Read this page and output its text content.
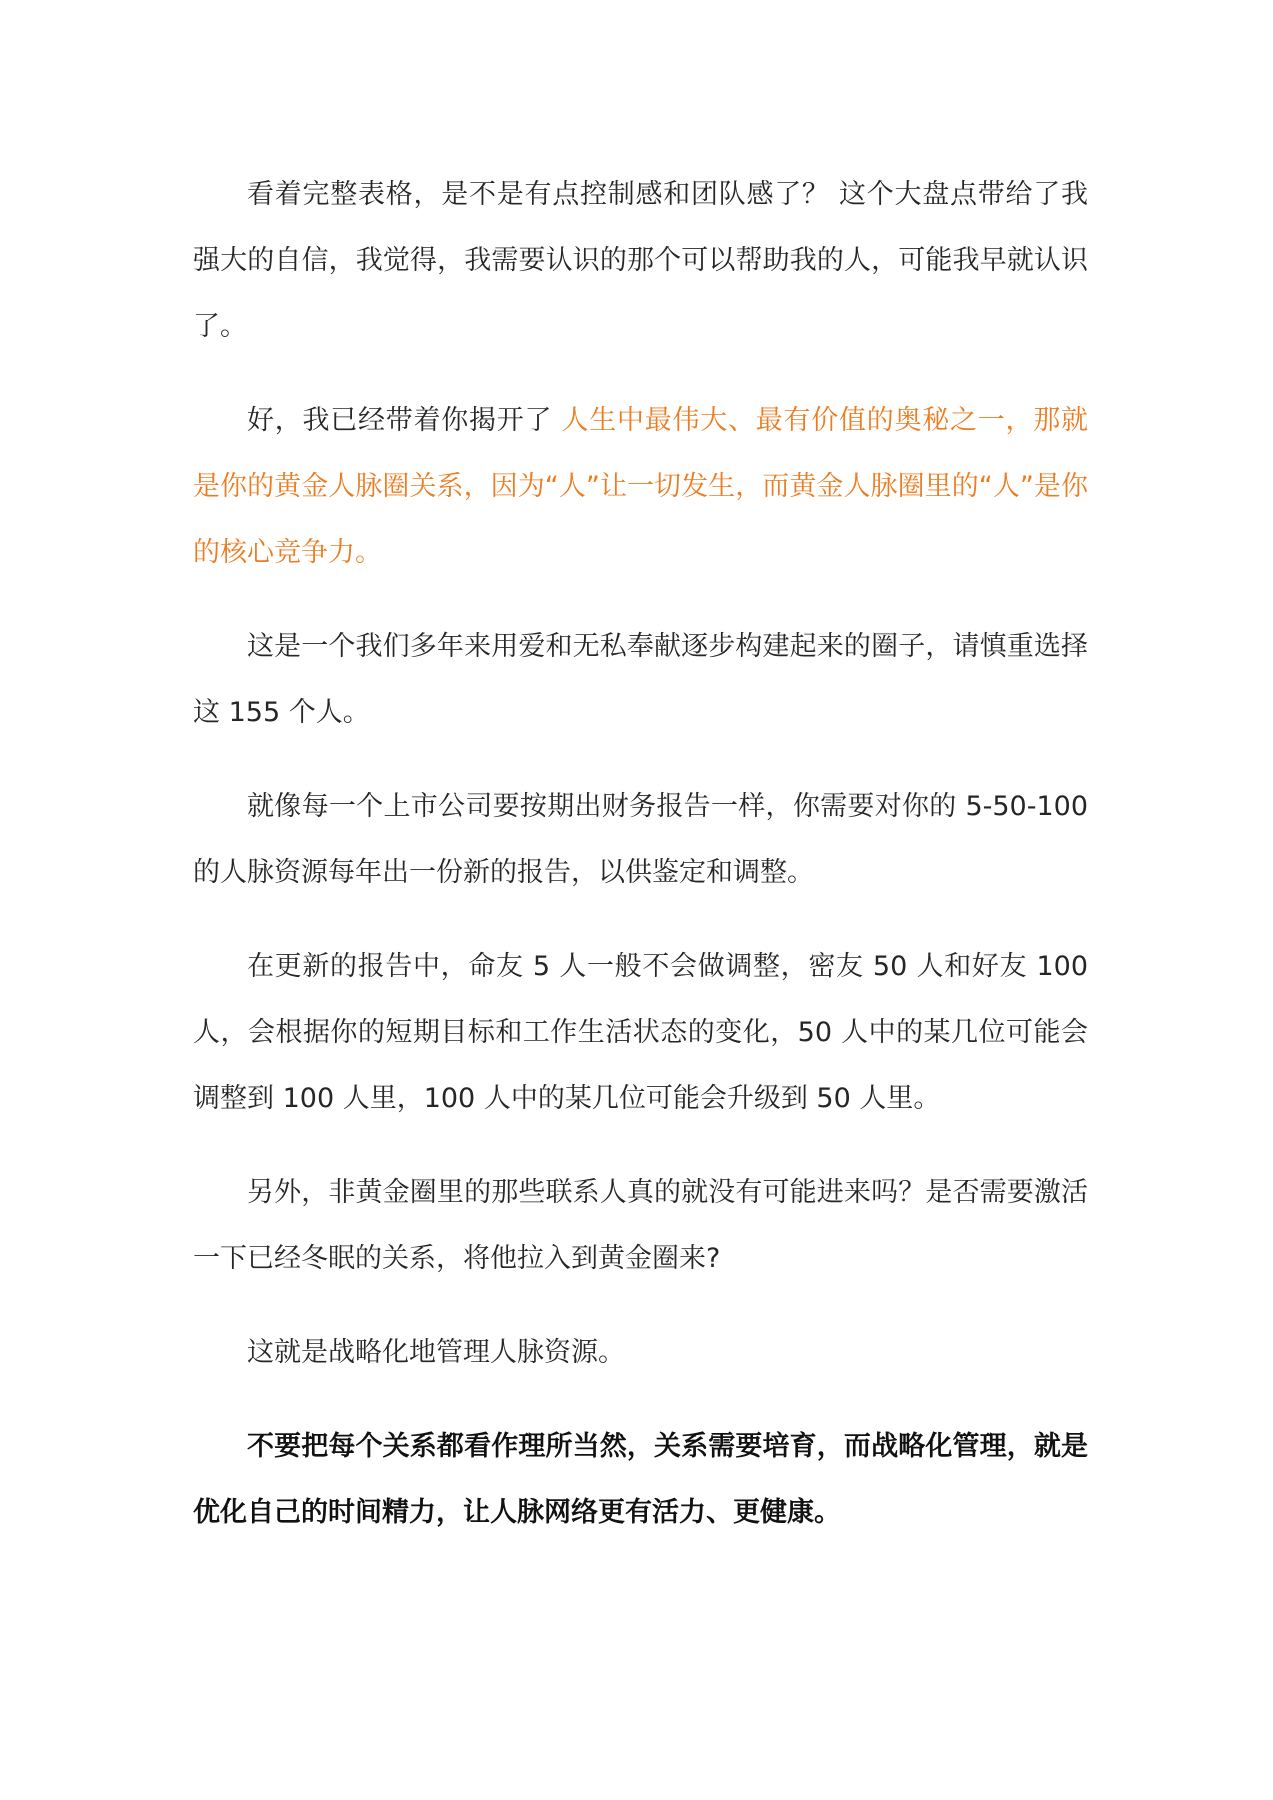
看着完整表格，是不是有点控制感和团队感了？ 这个大盘点带给了我强大的自信，我觉得，我需要认识的那个可以帮助我的人，可能我早就认识了。

好，我已经带着你揭开了 人生中最伟大、最有价值的奥秘之一，那就是你的黄金人脉圈关系，因为“人”让一切发生，而黄金人脉圈里的“人”是你的核心竞争力。

这是一个我们多年来用爱和无私奉献逐步构建起来的圈子，请慎重选择这 155 个人。

就像每一个上市公司要按期出财务报告一样，你需要对你的 5-50-100 的人脉资源每年出一份新的报告，以供鉴定和调整。

在更新的报告中，命友 5 人一般不会做调整，密友 50 人和好友 100 人，会根据你的短期目标和工作生活状态的变化，50 人中的某几位可能会调整到 100 人里，100 人中的某几位可能会升级到 50 人里。

另外，非黄金圈里的那些联系人真的就没有可能进来吗？是否需要激活一下已经冬眠的关系，将他拉入到黄金圈来?

这就是战略化地管理人脉资源。

不要把每个关系都看作理所当然，关系需要培育，而战略化管理，就是优化自己的时间精力，让人脉网络更有活力、更健康。
